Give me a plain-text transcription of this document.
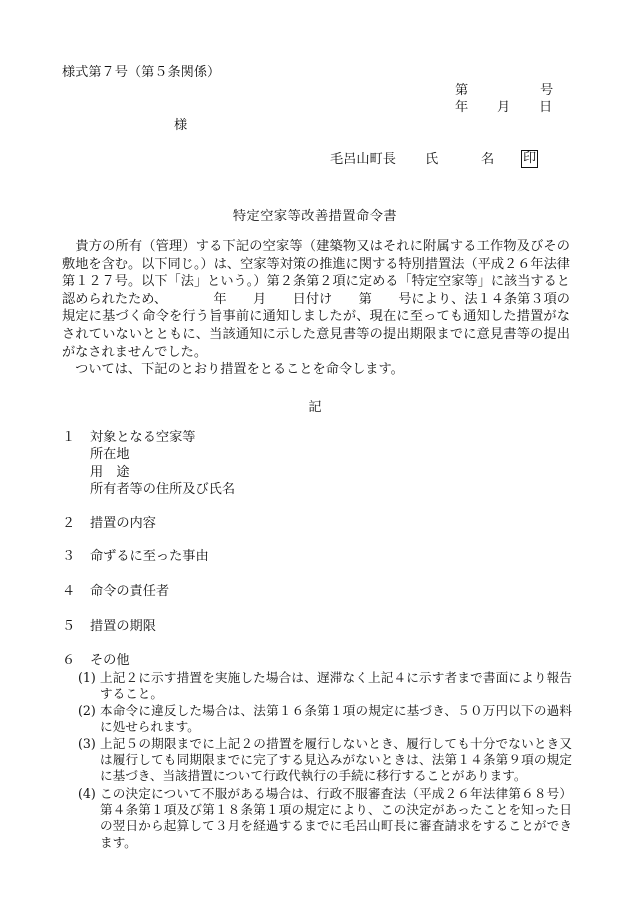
様式第７号（第５条関係）
第	号
年 月 日
様
毛呂山町長 氏	名 印
特定空家等改善措置命令書
　貴方の所有（管理）する下記の空家等（建築物又はそれに附属する工作物及びその敷地を含む。以下同じ。）は、空家等対策の推進に関する特別措置法（平成２６年法律第１２７号。以下「法」という。）第２条第２項に定める「特定空家等」に該当すると認められたため、　　　　年　　月　　日付け　　第　　号により、法１４条第３項の規定に基づく命令を行う旨事前に通知しましたが、現在に至っても通知した措置がなされていないとともに、当該通知に示した意見書等の提出期限までに意見書等の提出がなされませんでした。
　ついては、下記のとおり措置をとることを命令します。
記
１ 対象となる空家等
所在地
用　途
所有者等の住所及び氏名
２ 措置の内容
３ 命ずるに至った事由
４ 命令の責任者
５ 措置の期限
６ その他
(1) 上記２に示す措置を実施した場合は、遅滞なく上記４に示す者まで書面により報告すること。
(2) 本命令に違反した場合は、法第１６条第１項の規定に基づき、５０万円以下の過料に処せられます。
(3) 上記５の期限までに上記２の措置を履行しないとき、履行しても十分でないとき又は履行しても同期限までに完了する見込みがないときは、法第１４条第９項の規定に基づき、当該措置について行政代執行の手続に移行することがあります。
(4) この決定について不服がある場合は、行政不服審査法（平成２６年法律第６８号）第４条第１項及び第１８条第１項の規定により、この決定があったことを知った日の翌日から起算して３月を経過するまでに毛呂山町長に審査請求をすることができます。
